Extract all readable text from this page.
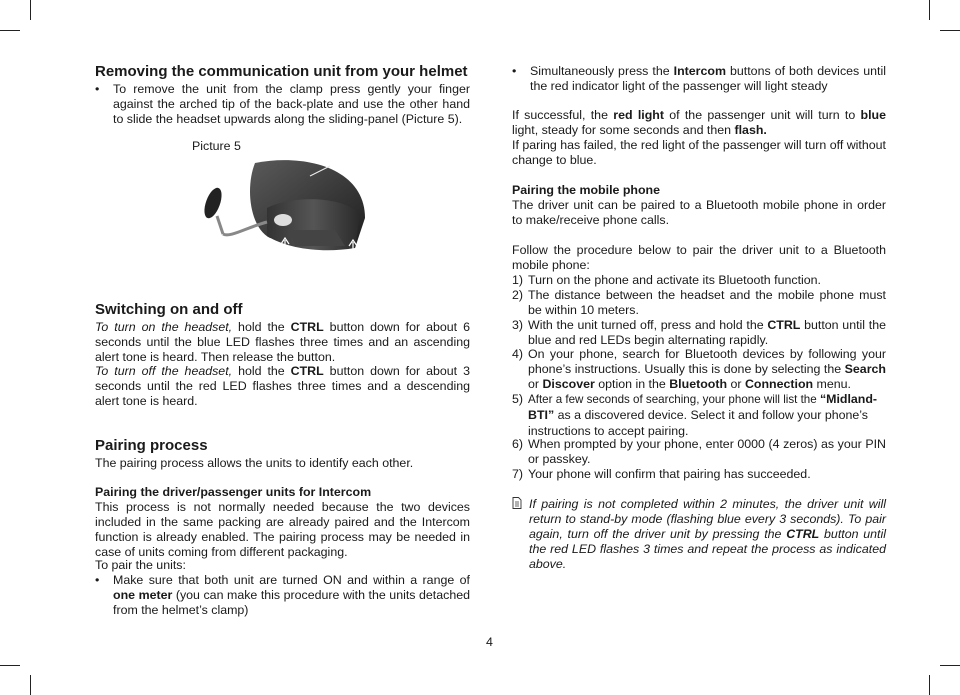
Removing the communication unit from your helmet

• To remove the unit from the clamp press gently your finger against the arched tip of the back-plate and use the other hand to slide the headset upwards along the sliding-panel (Picture 5).

Switching on and off

To turn on the headset, hold the CTRL button down for about 6 seconds until the blue LED flashes three times and an ascending alert tone is heard. Then release the button.

To turn off the headset, hold the CTRL button down for about 3 seconds until the red LED flashes three times and a descending alert tone is heard.

Pairing process

The pairing process allows the units to identify each other.

Pairing the driver/passenger units for Intercom

This process is not normally needed because the two devices included in the same packing are already paired and the Intercom function is already enabled. The pairing process may be needed in case of units coming from different packaging.

To pair the units:

• Make sure that both unit are turned ON and within a range of one meter (you can make this procedure with the units detached from the helmet’s clamp)

Picture 5

• Simultaneously press the Intercom buttons of both devices until the red indicator light of the passenger will light steady

If successful, the red light of the passenger unit will turn to blue light, steady for some seconds and then flash.

If paring has failed, the red light of the passenger will turn off without change to blue.

Pairing the mobile phone

The driver unit can be paired to a Bluetooth mobile phone in order to make/receive phone calls.

Follow the procedure below to pair the driver unit to a Bluetooth mobile phone:

1) Turn on the phone and activate its Bluetooth function.

2) The distance between the headset and the mobile phone must be within 10 meters.

3) With the unit turned off, press and hold the CTRL button until the blue and red LEDs begin alternating rapidly.

4) On your phone, search for Bluetooth devices by following your phone’s instructions. Usually this is done by selecting the Search or Discover option in the Bluetooth or Connection menu.

5) After a few seconds of searching, your phone will list the “Midland-BTI” as a discovered device. Select it and follow your phone’s instructions to accept pairing.

6) When prompted by your phone, enter 0000 (4 zeros) as your PIN or passkey.

7) Your phone will confirm that pairing has succeeded.

If pairing is not completed within 2 minutes, the driver unit will return to stand-by mode (flashing blue every 3 seconds). To pair again, turn off the driver unit by pressing the CTRL button until the red LED flashes 3 times and repeat the process as indicated above.

4
